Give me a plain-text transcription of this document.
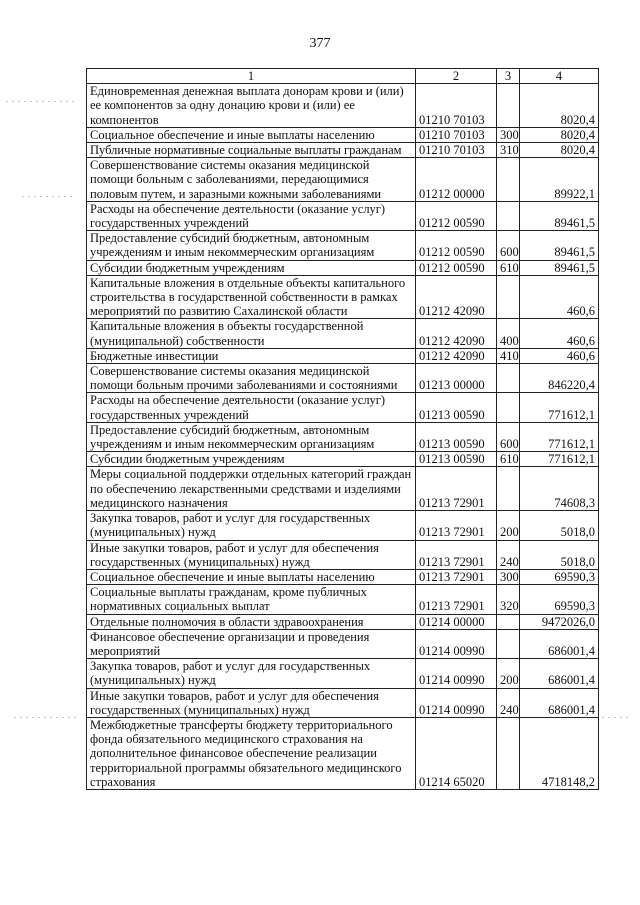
377
1	2	3	4
Единовременная денежная выплата донорам крови и (или) ее компонентов за одну донацию крови и (или) ее компонентов	01210 70103		8020,4
Социальное обеспечение и иные выплаты населению	01210 70103	300	8020,4
Публичные нормативные социальные выплаты гражданам	01210 70103	310	8020,4
Совершенствование системы оказания медицинской помощи больным с заболеваниями, передающимися половым путем, и заразными кожными заболеваниями	01212 00000		89922,1
Расходы на обеспечение деятельности (оказание услуг) государственных учреждений	01212 00590		89461,5
Предоставление субсидий бюджетным, автономным учреждениям и иным некоммерческим организациям	01212 00590	600	89461,5
Субсидии бюджетным учреждениям	01212 00590	610	89461,5
Капитальные вложения в отдельные объекты капитального строительства в государственной собственности в рамках мероприятий по развитию Сахалинской области	01212 42090		460,6
Капитальные вложения в объекты государственной (муниципальной) собственности	01212 42090	400	460,6
Бюджетные инвестиции	01212 42090	410	460,6
Совершенствование системы оказания медицинской помощи больным прочими заболеваниями и состояниями	01213 00000		846220,4
Расходы на обеспечение деятельности (оказание услуг) государственных учреждений	01213 00590		771612,1
Предоставление субсидий бюджетным, автономным учреждениям и иным некоммерческим организациям	01213 00590	600	771612,1
Субсидии бюджетным учреждениям	01213 00590	610	771612,1
Меры социальной поддержки отдельных категорий граждан по обеспечению лекарственными средствами и изделиями медицинского назначения	01213 72901		74608,3
Закупка товаров, работ и услуг для государственных (муниципальных) нужд	01213 72901	200	5018,0
Иные закупки товаров, работ и услуг для обеспечения государственных (муниципальных) нужд	01213 72901	240	5018,0
Социальное обеспечение и иные выплаты населению	01213 72901	300	69590,3
Социальные выплаты гражданам, кроме публичных нормативных социальных выплат	01213 72901	320	69590,3
Отдельные полномочия в области здравоохранения	01214 00000		9472026,0
Финансовое обеспечение организации и проведения мероприятий	01214 00990		686001,4
Закупка товаров, работ и услуг для государственных (муниципальных) нужд	01214 00990	200	686001,4
Иные закупки товаров, работ и услуг для обеспечения государственных (муниципальных) нужд	01214 00990	240	686001,4
Межбюджетные трансферты бюджету территориального фонда обязательного медицинского страхования на дополнительное финансовое обеспечение реализации территориальной программы обязательного медицинского страхования	01214 65020		4718148,2
